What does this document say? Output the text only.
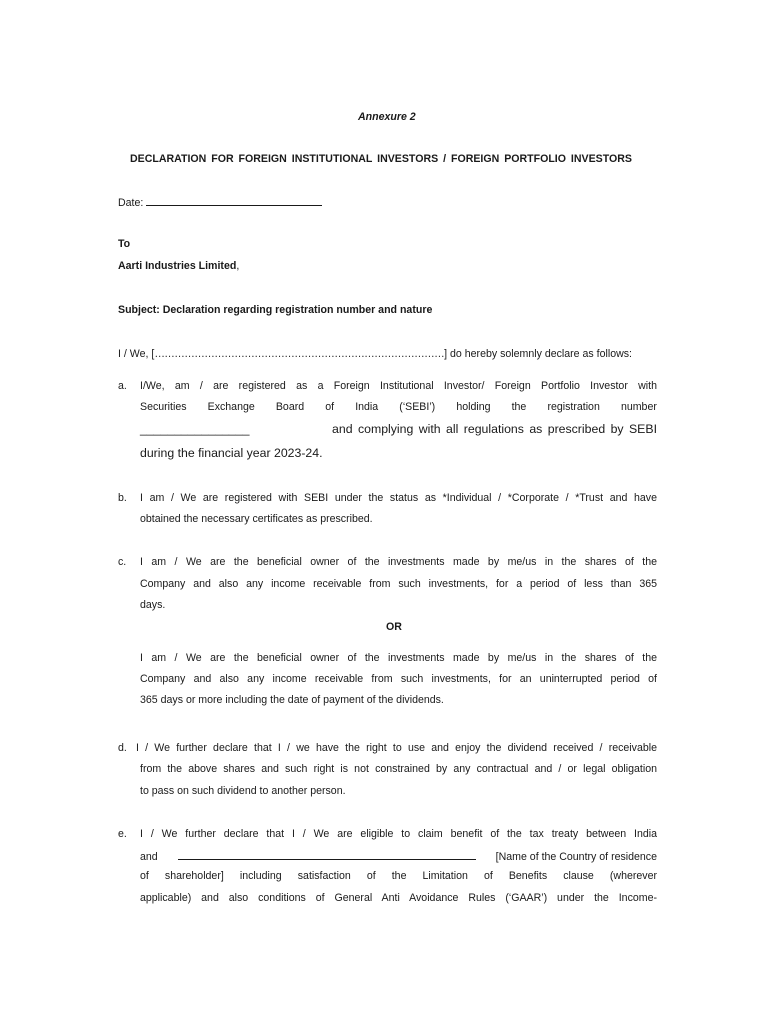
Annexure 2
DECLARATION FOR FOREIGN INSTITUTIONAL INVESTORS / FOREIGN PORTFOLIO INVESTORS
Date:
To
Aarti Industries Limited,
Subject: Declaration regarding registration number and nature
I / We, [……………………………………………………………………………] do hereby solemnly declare as follows:
a. I/We, am / are registered as a Foreign Institutional Investor/ Foreign Portfolio Investor with
Securities Exchange Board of India (‘SEBI’) holding the registration number
________________	and complying with all regulations as prescribed by SEBI
during the financial year 2023-24.
b. I am / We are registered with SEBI under the status as *Individual / *Corporate / *Trust and have
obtained the necessary certificates as prescribed.
c. I am / We are the beneficial owner of the investments made by me/us in the shares of the
Company and also any income receivable from such investments, for a period of less than 365
days.
OR
I am / We are the beneficial owner of the investments made by me/us in the shares of the
Company and also any income receivable from such investments, for an uninterrupted period of
365 days or more including the date of payment of the dividends.
d. I / We further declare that I / we have the right to use and enjoy the dividend received / receivable
from the above shares and such right is not constrained by any contractual and / or legal obligation
to pass on such dividend to another person.
e. I / We further declare that I / We are eligible to claim benefit of the tax treaty between India
and	[Name of the Country of residence
of shareholder] including satisfaction of the Limitation of Benefits clause (wherever
applicable) and also conditions of General Anti Avoidance Rules (‘GAAR’) under the Income-
